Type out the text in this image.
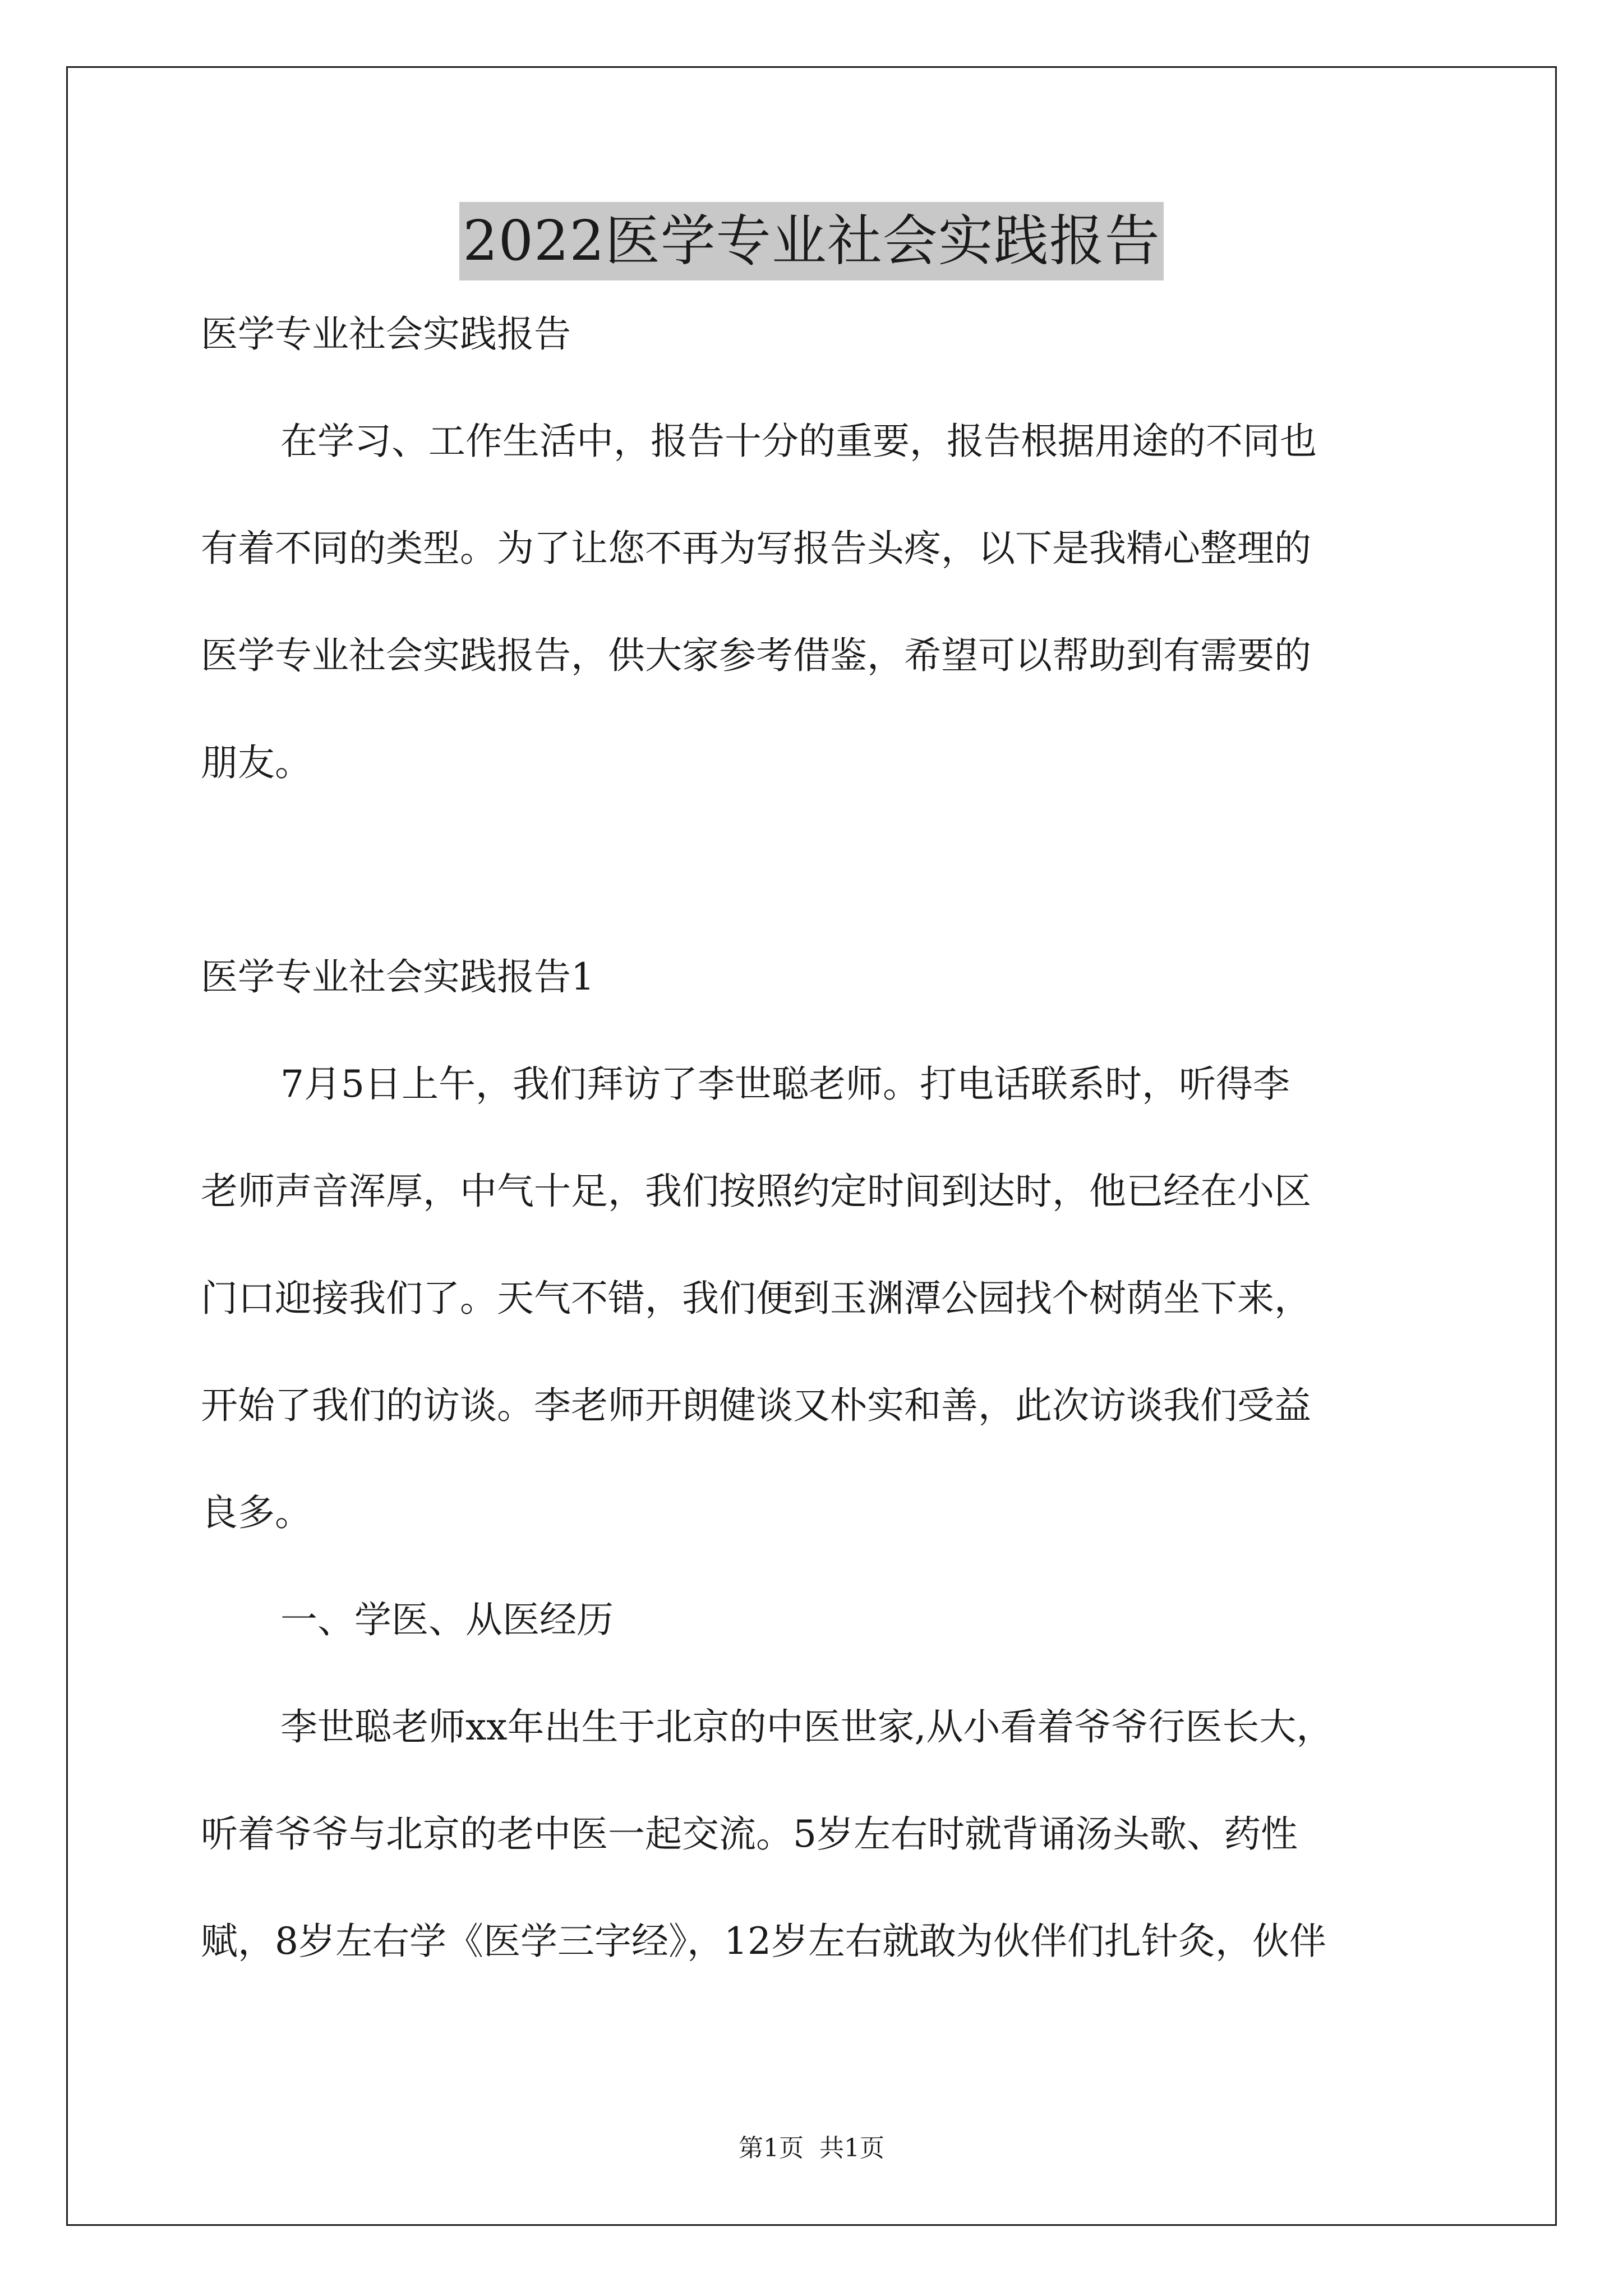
2022医学专业社会实践报告
医学专业社会实践报告
在学习、工作生活中，报告十分的重要，报告根据用途的不同也
有着不同的类型。为了让您不再为写报告头疼，以下是我精心整理的
医学专业社会实践报告，供大家参考借鉴，希望可以帮助到有需要的
朋友。
医学专业社会实践报告1
7月5日上午，我们拜访了李世聪老师。打电话联系时，听得李
老师声音浑厚，中气十足，我们按照约定时间到达时，他已经在小区
门口迎接我们了。天气不错，我们便到玉渊潭公园找个树荫坐下来，
开始了我们的访谈。李老师开朗健谈又朴实和善，此次访谈我们受益
良多。
一、学医、从医经历
李世聪老师xx年出生于北京的中医世家,从小看着爷爷行医长大，
听着爷爷与北京的老中医一起交流。5岁左右时就背诵汤头歌、药性
赋，8岁左右学《医学三字经》，12岁左右就敢为伙伴们扎针灸，伙伴
第1页 共1页
